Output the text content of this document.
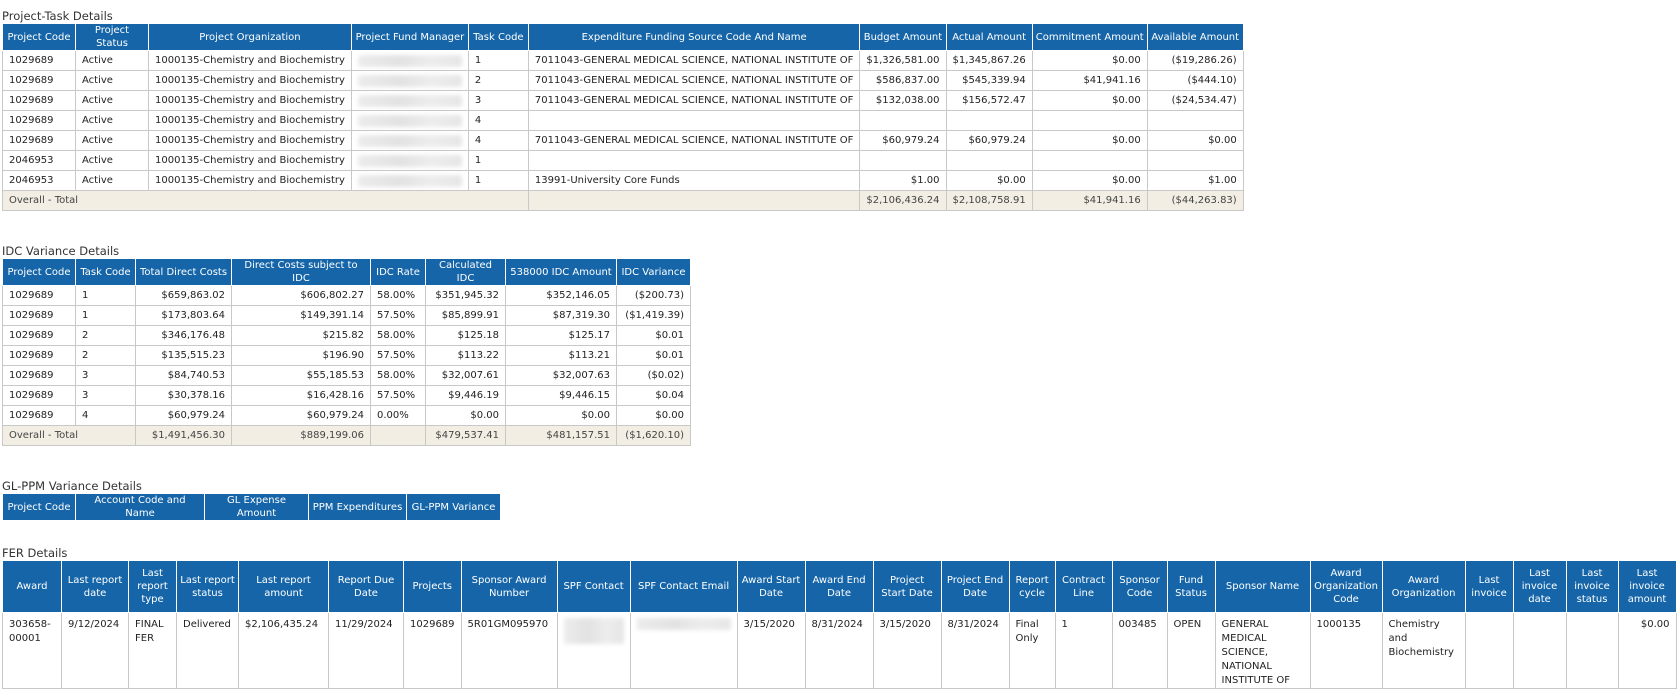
Project-Task Details
Project Code	Project Status	Project Organization	Project Fund Manager	Task Code	Expenditure Funding Source Code And Name	Budget Amount	Actual Amount	Commitment Amount	Available Amount
1029689	Active	1000135-Chemistry and Biochemistry		1	7011043-GENERAL MEDICAL SCIENCE, NATIONAL INSTITUTE OF	$1,326,581.00	$1,345,867.26	$0.00	($19,286.26)
1029689	Active	1000135-Chemistry and Biochemistry		2	7011043-GENERAL MEDICAL SCIENCE, NATIONAL INSTITUTE OF	$586,837.00	$545,339.94	$41,941.16	($444.10)
1029689	Active	1000135-Chemistry and Biochemistry		3	7011043-GENERAL MEDICAL SCIENCE, NATIONAL INSTITUTE OF	$132,038.00	$156,572.47	$0.00	($24,534.47)
1029689	Active	1000135-Chemistry and Biochemistry		4					
1029689	Active	1000135-Chemistry and Biochemistry		4	7011043-GENERAL MEDICAL SCIENCE, NATIONAL INSTITUTE OF	$60,979.24	$60,979.24	$0.00	$0.00
2046953	Active	1000135-Chemistry and Biochemistry		1					
2046953	Active	1000135-Chemistry and Biochemistry		1	13991-University Core Funds	$1.00	$0.00	$0.00	$1.00
Overall - Total						$2,106,436.24	$2,108,758.91	$41,941.16	($44,263.83)
IDC Variance Details
Project Code	Task Code	Total Direct Costs	Direct Costs subject to IDC	IDC Rate	Calculated IDC	538000 IDC Amount	IDC Variance
1029689	1	$659,863.02	$606,802.27	58.00%	$351,945.32	$352,146.05	($200.73)
1029689	1	$173,803.64	$149,391.14	57.50%	$85,899.91	$87,319.30	($1,419.39)
1029689	2	$346,176.48	$215.82	58.00%	$125.18	$125.17	$0.01
1029689	2	$135,515.23	$196.90	57.50%	$113.22	$113.21	$0.01
1029689	3	$84,740.53	$55,185.53	58.00%	$32,007.61	$32,007.63	($0.02)
1029689	3	$30,378.16	$16,428.16	57.50%	$9,446.19	$9,446.15	$0.04
1029689	4	$60,979.24	$60,979.24	0.00%	$0.00	$0.00	$0.00
Overall - Total		$1,491,456.30	$889,199.06		$479,537.41	$481,157.51	($1,620.10)
GL-PPM Variance Details
Project Code	Account Code and Name	GL Expense Amount	PPM Expenditures	GL-PPM Variance
FER Details
Award	Last report date	Last report type	Last report status	Last report amount	Report Due Date	Projects	Sponsor Award Number	SPF Contact	SPF Contact Email	Award Start Date	Award End Date	Project Start Date	Project End Date	Report cycle	Contract Line	Sponsor Code	Fund Status	Sponsor Name	Award Organization Code	Award Organization	Last invoice	Last invoice date	Last invoice status	Last invoice amount
303658-00001	9/12/2024	FINAL FER	Delivered	$2,106,435.24	11/29/2024	1029689	5R01GM095970			3/15/2020	8/31/2024	3/15/2020	8/31/2024	Final Only	1	003485	OPEN	GENERAL MEDICAL SCIENCE, NATIONAL INSTITUTE OF	1000135	Chemistry and Biochemistry				$0.00
